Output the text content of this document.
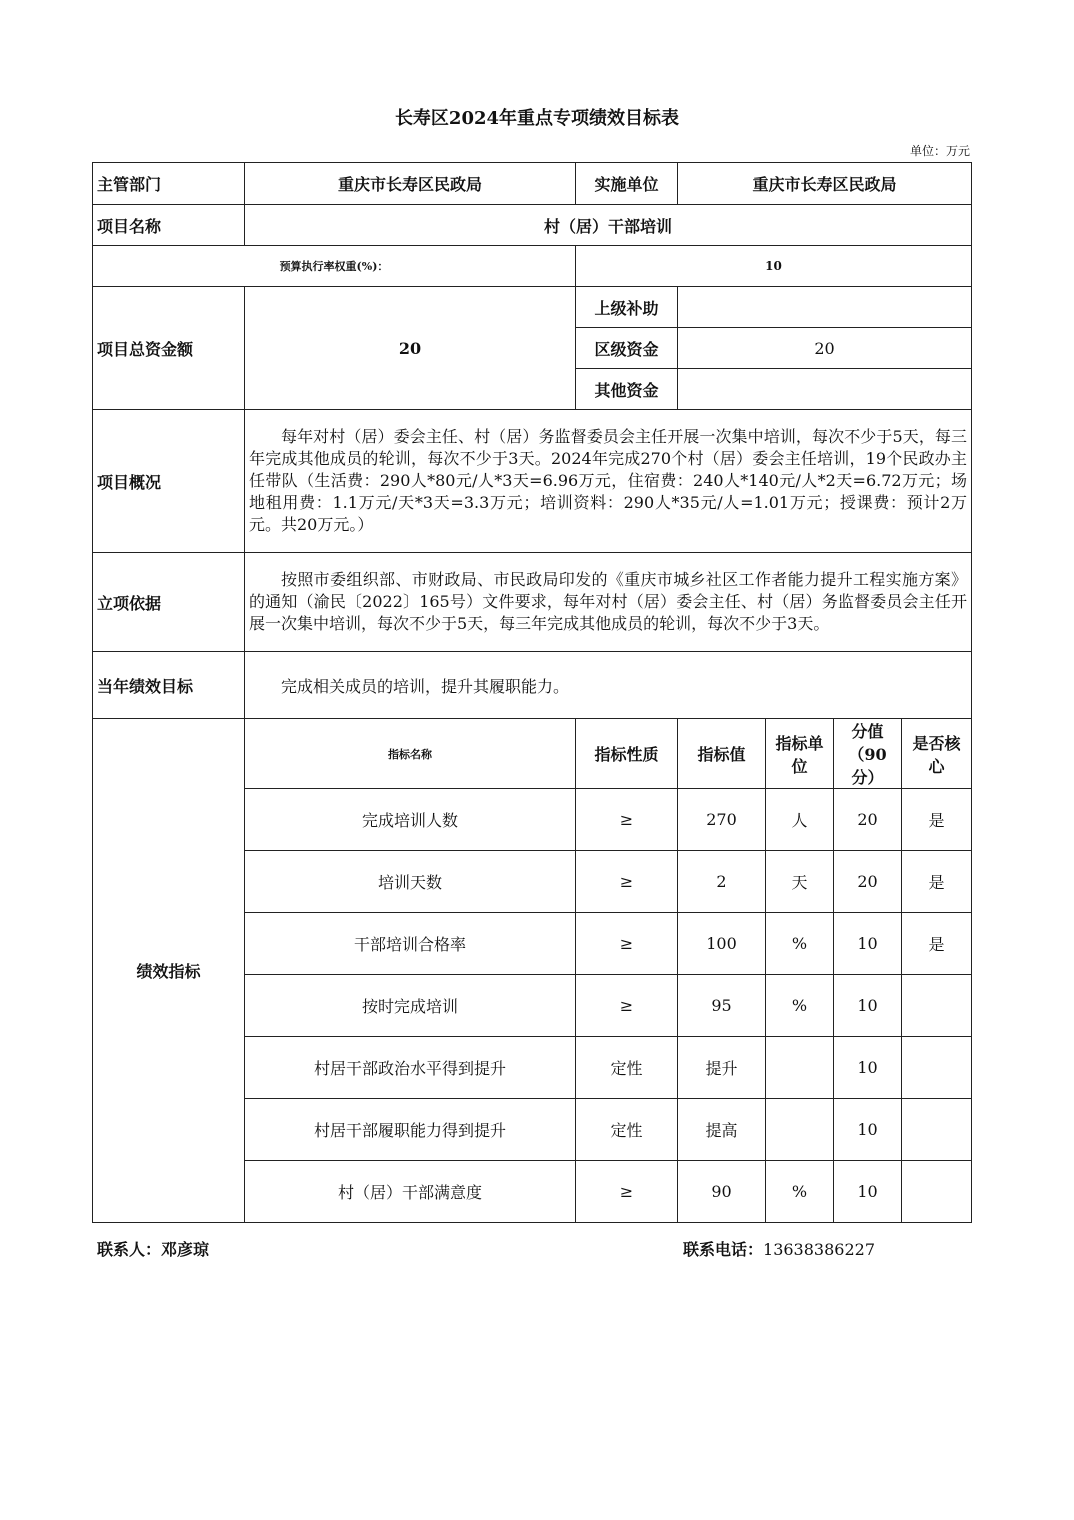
长寿区2024年重点专项绩效目标表
单位：万元
主管部门	重庆市长寿区民政局	实施单位	重庆市长寿区民政局			
项目名称	村（居）干部培训					
预算执行率权重(%)：		10				
项目总资金额	20	上级补助				
		区级资金	20			
		其他资金				
项目概况	每年对村（居）委会主任、村（居）务监督委员会主任开展一次集中培训，每次不少于5天，每三年完成其他成员的轮训，每次不少于3天。2024年完成270个村（居）委会主任培训，19个民政办主任带队（生活费：290人*80元/人*3天=6.96万元，住宿费：240人*140元/人*2天=6.72万元；场地租用费：1.1万元/天*3天=3.3万元；培训资料：290人*35元/人=1.01万元；授课费：预计2万元。共20万元。）					
立项依据	按照市委组织部、市财政局、市民政局印发的《重庆市城乡社区工作者能力提升工程实施方案》的通知（渝民〔2022〕165号）文件要求，每年对村（居）委会主任、村（居）务监督委员会主任开展一次集中培训，每次不少于5天，每三年完成其他成员的轮训，每次不少于3天。					
当年绩效目标	完成相关成员的培训，提升其履职能力。					
绩效指标	指标名称	指标性质	指标值	指标单位	分值（90分）	是否核心
	完成培训人数	≥	270	人	20	是
	培训天数	≥	2	天	20	是
	干部培训合格率	≥	100	%	10	是
	按时完成培训	≥	95	%	10	
	村居干部政治水平得到提升	定性	提升		10	
	村居干部履职能力得到提升	定性	提高		10	
	村（居）干部满意度	≥	90	%	10	
联系人：邓彦琼	联系电话：13638386227
